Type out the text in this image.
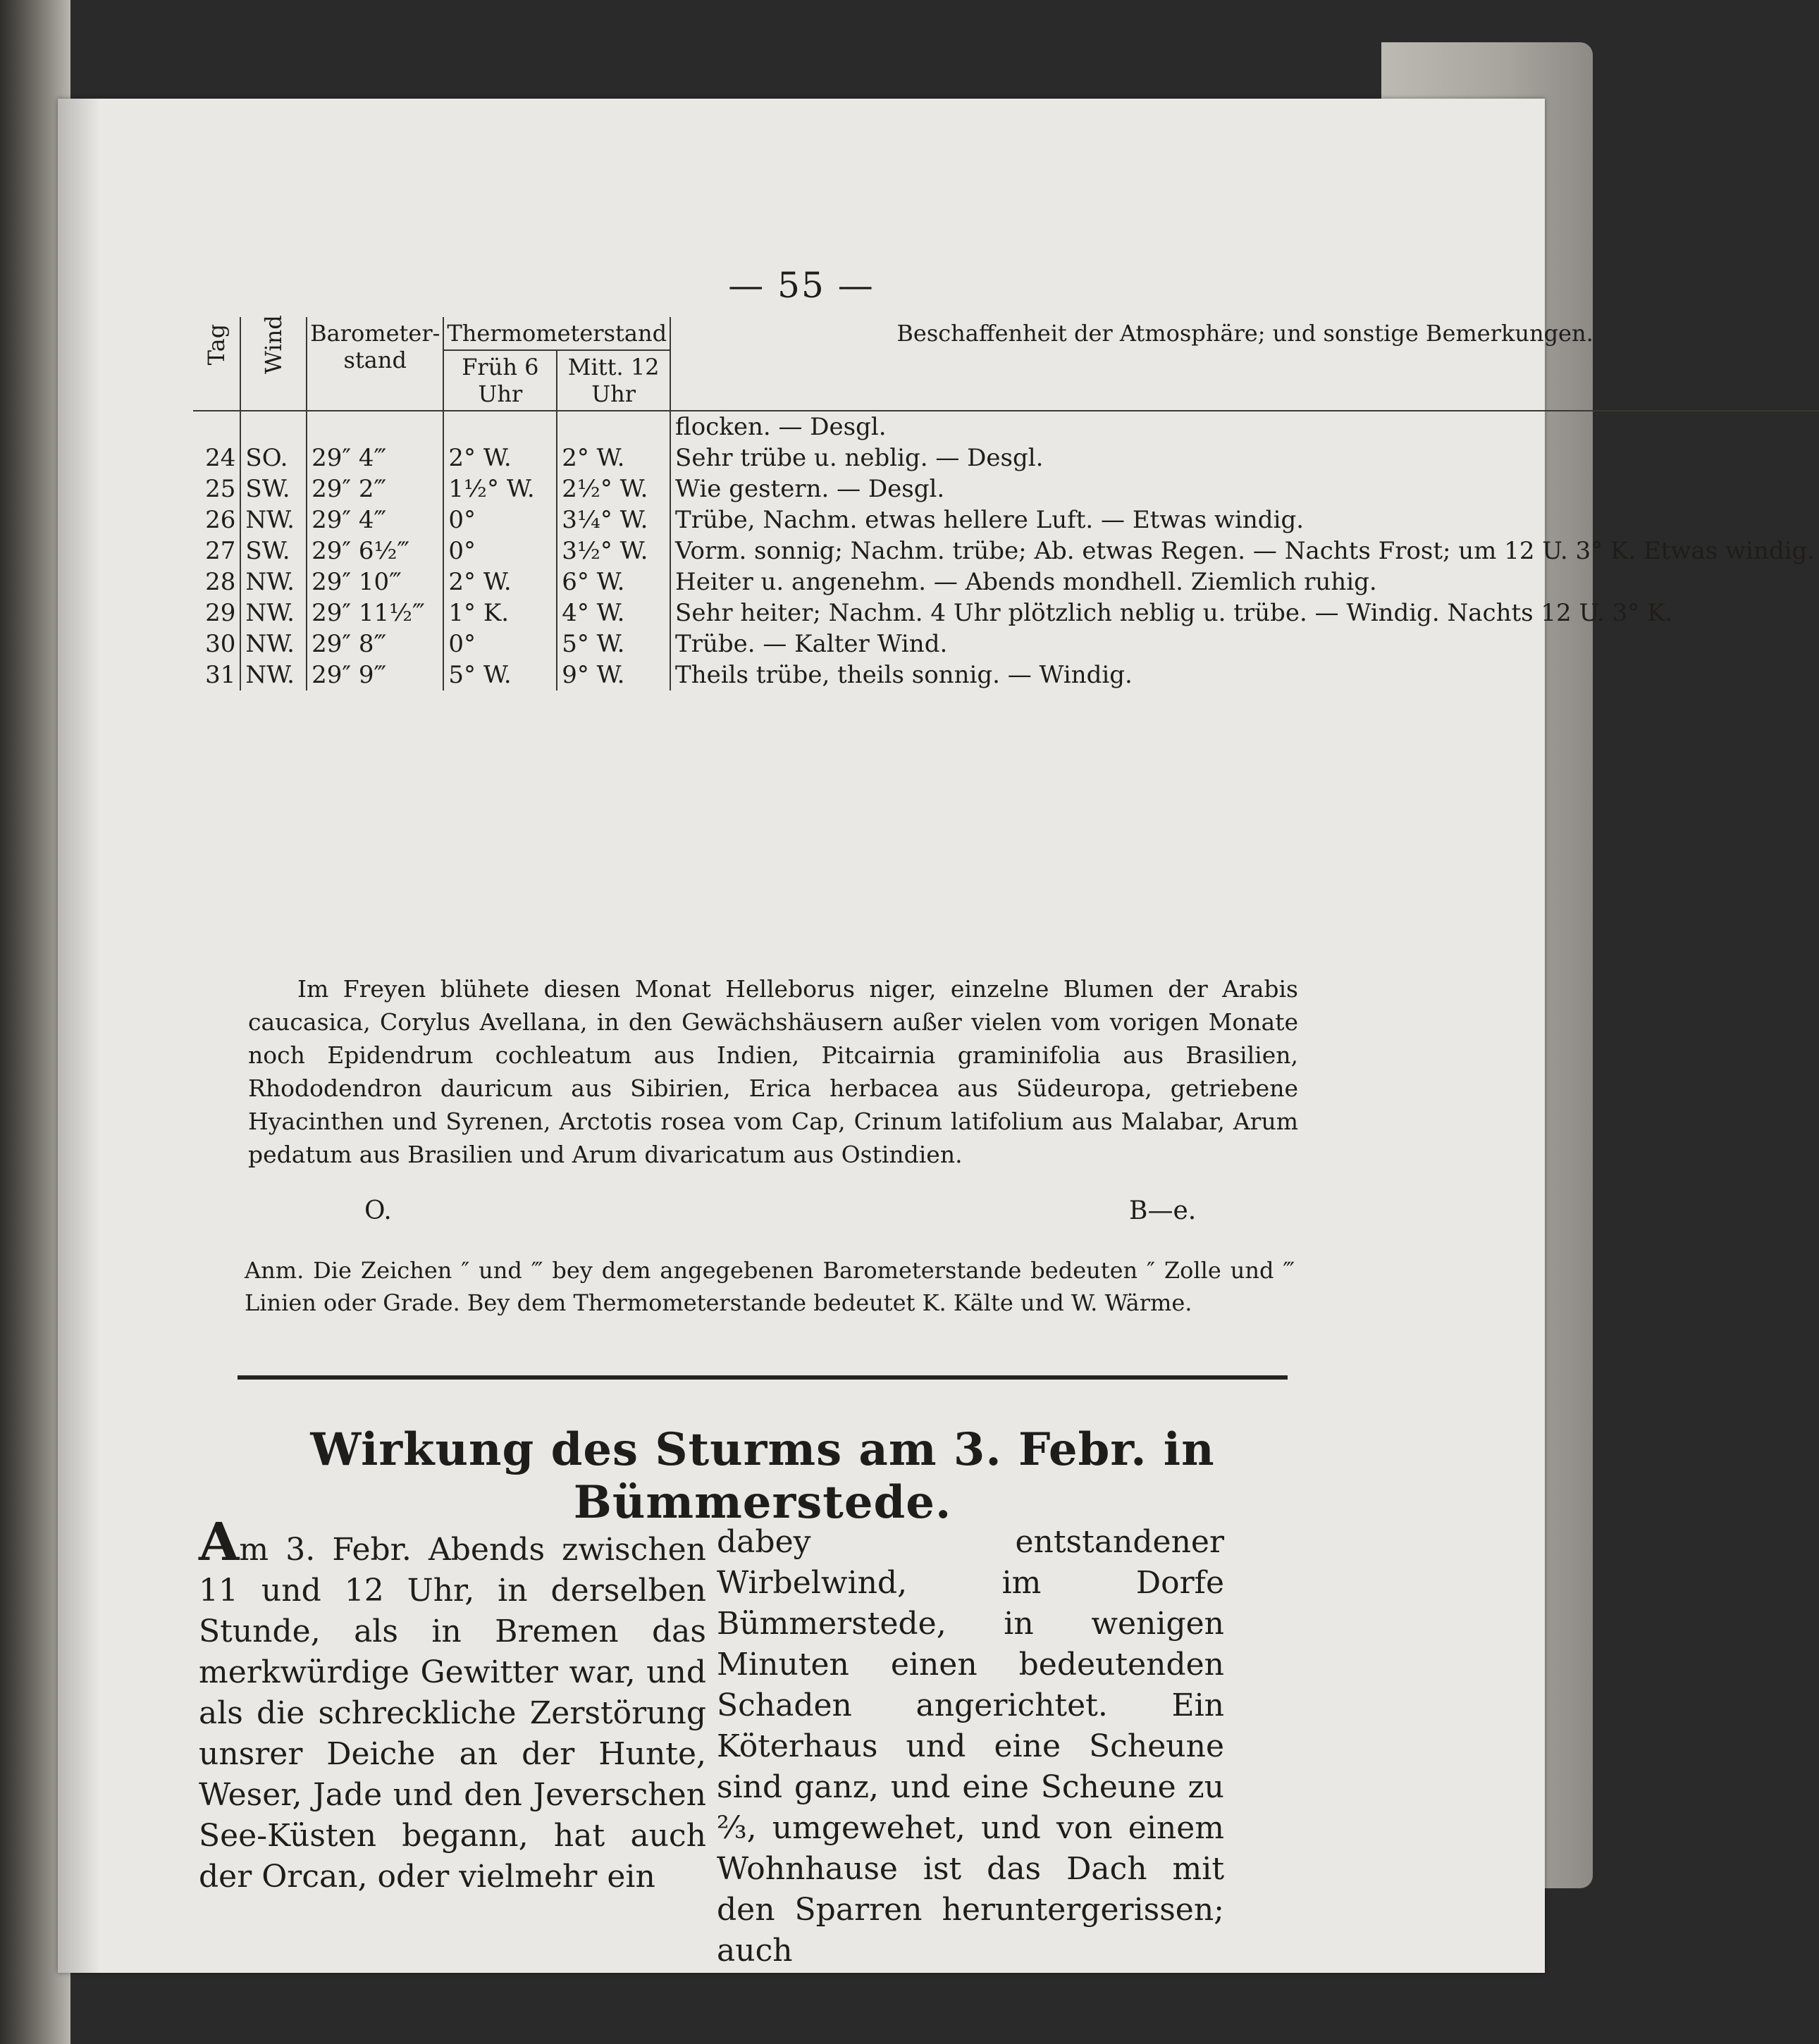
— 55 —
Tag	Wind	Barometer-stand	Thermometerstand		Beschaffenheit der Atmosphäre; und sonstige Bemerkungen.
			Früh 6 Uhr	Mitt. 12 Uhr	
					flocken. — Desgl.
24	SO.	29″ 4‴	2° W.	2° W.	Sehr trübe u. neblig. — Desgl.
25	SW.	29″ 2‴	1½° W.	2½° W.	Wie gestern. — Desgl.
26	NW.	29″ 4‴	0°	3¼° W.	Trübe, Nachm. etwas hellere Luft. — Etwas windig.
27	SW.	29″ 6½‴	0°	3½° W.	Vorm. sonnig; Nachm. trübe; Ab. etwas Regen. — Nachts Frost; um 12 U. 3° K. Etwas windig.
28	NW.	29″ 10‴	2° W.	6° W.	Heiter u. angenehm. — Abends mondhell. Ziemlich ruhig.
29	NW.	29″ 11½‴	1° K.	4° W.	Sehr heiter; Nachm. 4 Uhr plötzlich neblig u. trübe. — Windig. Nachts 12 U. 3° K.
30	NW.	29″ 8‴	0°	5° W.	Trübe. — Kalter Wind.
31	NW.	29″ 9‴	5° W.	9° W.	Theils trübe, theils sonnig. — Windig.
Im Freyen blühete diesen Monat Helleborus niger, einzelne Blumen der Arabis caucasica, Corylus Avellana, in den Gewächshäusern außer vielen vom vorigen Monate noch Epidendrum cochleatum aus Indien, Pitcairnia graminifolia aus Brasilien, Rhododendron dauricum aus Sibirien, Erica herbacea aus Südeuropa, getriebene Hyacinthen und Syrenen, Arctotis rosea vom Cap, Crinum latifolium aus Malabar, Arum pedatum aus Brasilien und Arum divaricatum aus Ostindien.
O.	B—e.
Anm. Die Zeichen ″ und ‴ bey dem angegebenen Barometerstande bedeuten ″ Zolle und ‴ Linien oder Grade. Bey dem Thermometerstande bedeutet K. Kälte und W. Wärme.
Wirkung des Sturms am 3. Febr. in Bümmerstede.
Am 3. Febr. Abends zwischen 11 und 12 Uhr, in derselben Stunde, als in Bremen das merkwürdige Gewitter war, und als die schreckliche Zerstörung unsrer Deiche an der Hunte, Weser, Jade und den Jeverschen See-Küsten begann, hat auch der Orcan, oder vielmehr ein
dabey entstandener Wirbelwind, im Dorfe Bümmerstede, in wenigen Minuten einen bedeutenden Schaden angerichtet. Ein Köterhaus und eine Scheune sind ganz, und eine Scheune zu ⅔, umgewehet, und von einem Wohnhause ist das Dach mit den Sparren heruntergerissen; auch
